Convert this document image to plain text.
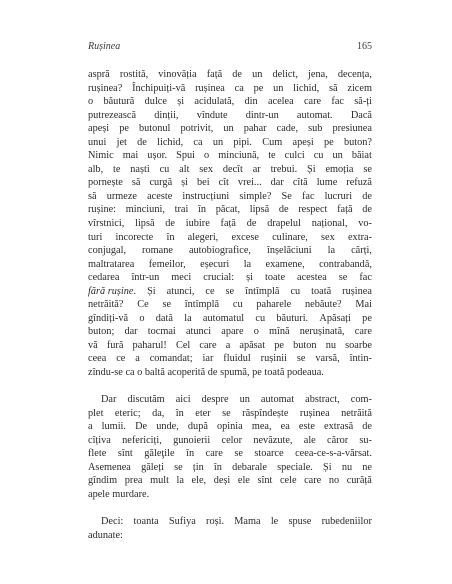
Rușinea	165
aspră rostită, vinovăția față de un delict, jena, decența,
rușinea? Închipuiți-vă rușinea ca pe un lichid, să zicem
o băutură dulce și acidulată, din acelea care fac să-ți
putrezească dinții, vîndute dintr-un automat. Dacă
apeși pe butonul potrivit, un pahar cade, sub presiunea
unui jet de lichid, ca un pipi. Cum apeși pe buton?
Nimic mai ușor. Spui o minciună, te culci cu un băiat
alb, te naști cu alt sex decît ar trebui. Și emoția se
pornește să curgă și bei cît vrei... dar cîtă lume refuză
să urmeze aceste instrucțiuni simple? Se fac lucruri de
rușine: minciuni, trai în păcat, lipsă de respect față de
vîrstnici, lipsă de iubire față de drapelul național, vo-
turi incorecte în alegeri, excese culinare, sex extra-
conjugal, romane autobiografice, înșelăciuni la cărți,
maltratarea femeilor, eșecuri la examene, contrabandă,
cedarea într-un meci crucial: și toate acestea se fac
fără rușine. Și atunci, ce se întîmplă cu toată rușinea
netrăită? Ce se întîmplă cu paharele nebăute? Mai
gîndiți-vă o dată la automatul cu băuturi. Apăsați pe
buton; dar tocmai atunci apare o mînă nerușinată, care
vă fură paharul! Cel care a apăsat pe buton nu soarbe
ceea ce a comandat; iar fluidul rușinii se varsă, întin-
zîndu-se ca o baltă acoperită de spumă, pe toată podeaua.
Dar discutăm aici despre un automat abstract, com-
plet eteric; da, în eter se răspîndește rușinea netrăită
a lumii. De unde, după opinia mea, ea este extrasă de
cîțiva nefericiți, gunoierii celor nevăzute, ale căror su-
flete sînt găleţile în care se stoarce ceea-ce-s-a-vărsat.
Asemenea găleți se țin în debarale speciale. Și nu ne
gîndim prea mult la ele, deși ele sînt cele care no curăță
apele murdare.
Deci: toanta Sufiya roși. Mama le spuse rubedeniilor
adunate:
